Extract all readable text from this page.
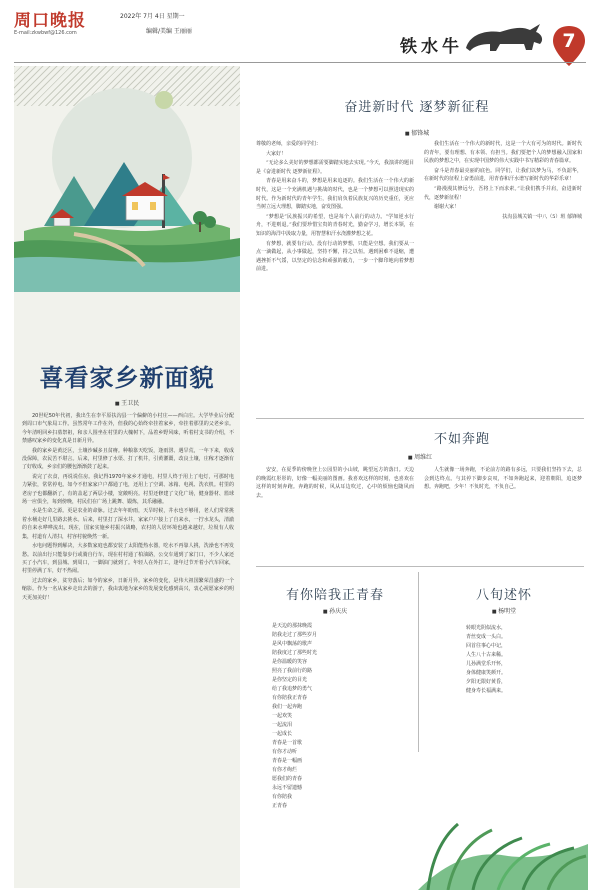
周口晚报
E-mail:zkwbwf@126.com
2022年 7月 4日 星期一
编辑/美编 王丽丽
铁水牛	7
喜看家乡新面貌
■ 王卫民

20世纪50年代初，我出生在李平原扶沟县一个偏僻的小村庄——西白庄。大学毕业后分配到周口市气象局工作。虽然常年工作在外，但我的心始终牵挂着家乡，牵挂着那里的父老乡亲。今年清明回乡扫墓祭祖，和亲人围坐在村里的大槐树下，品着乡野风味，听着村支书的介绍，不禁感叹家乡的变化真是日新月异。

我的家乡是黄泛区，土壤沙碱多且贫瘠。种粮靠天吃饭，逢雨涝、遇旱荒，一年下来，收成没保障，农民苦不堪言。后来，村里修了水渠、打了机井，引黄灌溉，改良土壤，庄稼才逐渐有了好收成，乡亲们的腰包渐渐鼓了起来。

说完了衣食，再说说住房。我记得1970年家乡才通电，村里人终于用上了电灯，可那时电力紧张，常常停电。如今不但家家户户都通了电，还用上了空调、冰箱、电视、洗衣机。村里的老房子也都翻新了，有的盖起了两层小楼，宽敞明亮。村里还修建了文化广场，健身器材、篮球场一应俱全，每到傍晚，村民们在广场上跳舞、锻炼，其乐融融。

水是生命之源。更是农业的命脉。过去年年盼雨，天旱时候，井水也不够用，老人们常常挑着水桶走好几里路去挑水。后来，村里打了深水井，家家户户接上了自来水，一拧水龙头，清澈的自来水哗哗流出。现在，国家实施乡村振兴战略，农村的人居环境也越来越好，垃圾有人收集，村道有人清扫，村容村貌焕然一新。

水电问题得到解决，大多数家庭也都安装了太阳能热水器，吃水不再靠人挑，洗澡也不再发愁。以前出行只能靠步行或骑自行车，现在村村通了柏油路，公交车通到了家门口，不少人家还买了小汽车，到县城、到周口，一脚油门就到了。年轻人在外打工，逢年过节开着小汽车回家，村里停满了车，好不热闹。

过去的家乡，贫穷落后；如今的家乡，日新月异。家乡的变化，是伟大祖国繁荣昌盛的一个缩影。作为一名从家乡走出去的游子，我由衷地为家乡的发展变化感到高兴，衷心祝愿家乡的明天更加美好！

奋进新时代 逐梦新征程
■ 郁锋城

尊敬的老师，亲爱的同学们：

大家好！

“无论多么美好的梦想都需要脚踏实地去实现。”今天，我演讲的题目是《奋进新时代 逐梦新征程》。

青春是用来奋斗的，梦想是用来追逐的。我们生活在一个伟大的新时代，这是一个充满机遇与挑战的时代，也是一个梦想可以照进现实的时代。作为新时代的青年学生，我们肩负着民族复兴的历史重任，更应当树立远大理想，脚踏实地，奋发图强。

“梦想是”民族振兴的希望，也是每个人前行的动力。“学如逆水行舟，不进则退。”我们要珍惜宝贵的青春时光，勤奋学习，增长本领，在知识的海洋中汲取力量，用智慧和汗水浇灌梦想之花。

有梦想，就要有行动。没有行动的梦想，只能是空想。我们要从一点一滴做起，从小事做起，坚持不懈，持之以恒。遇到困难不退缩，遭遇挫折不气馁，以坚定的信念和顽强的毅力，一步一个脚印地向着梦想前进。

我们生活在一个伟大的新时代，这是一个大有可为的时代。新时代的青年，要有理想、有本领、有担当。我们要把个人的梦想融入国家和民族的梦想之中，在实现中国梦的伟大实践中书写精彩的青春篇章。

奋斗是青春最亮丽的底色。同学们，让我们以梦为马，不负韶华，在新时代的征程上奋勇前进，用青春和汗水谱写新时代的华彩乐章！

“路漫漫其修远兮，吾将上下而求索。”让我们携手并肩，奋进新时代，逐梦新征程！

谢谢大家！

扶沟县城关镇一中八（5）班 郁锋城

不如奔跑
■ 周维红

安安，在夏季的傍晚登上公园里的小山坡，眺望远方的落日。天边的晚霞红彤彤的，好像一幅美丽的图画。我喜欢这样的时刻，也喜欢在这样的时刻奔跑。奔跑的时候，风从耳边吹过，心中的烦恼也随风而去。

人生就像一场奔跑，不论前方的路有多远，只要我们坚持下去，总会到达终点。与其停下脚步哀叹，不如奔跑起来，迎着朝阳，追逐梦想。奔跑吧，少年！不负时光，不负自己。

有你陪我正青春
■ 孙庆庆
是天边的那抹晚霞
陪我走过了那些岁月
是风中飘荡的歌声
陪我度过了那些时光
是你温暖的笑容
照亮了我前行的路
是你坚定的目光
给了我追梦的勇气
有你陪我正青春
我们一起奔跑
一起欢笑
一起流泪
一起成长
青春是一首歌
有你才动听
青春是一幅画
有你才绚烂
愿我们的青春
永远不留遗憾
有你陪我
正青春
八旬述怀
■ 杨明堂
转眼光阴似流水，
青丝变成一头白。
回首往事心中记，
人生八十古来稀。
儿孙满堂乐开怀，
身体健康笑颜开。
夕阳无限好黄昏，
健身寿长福满来。
